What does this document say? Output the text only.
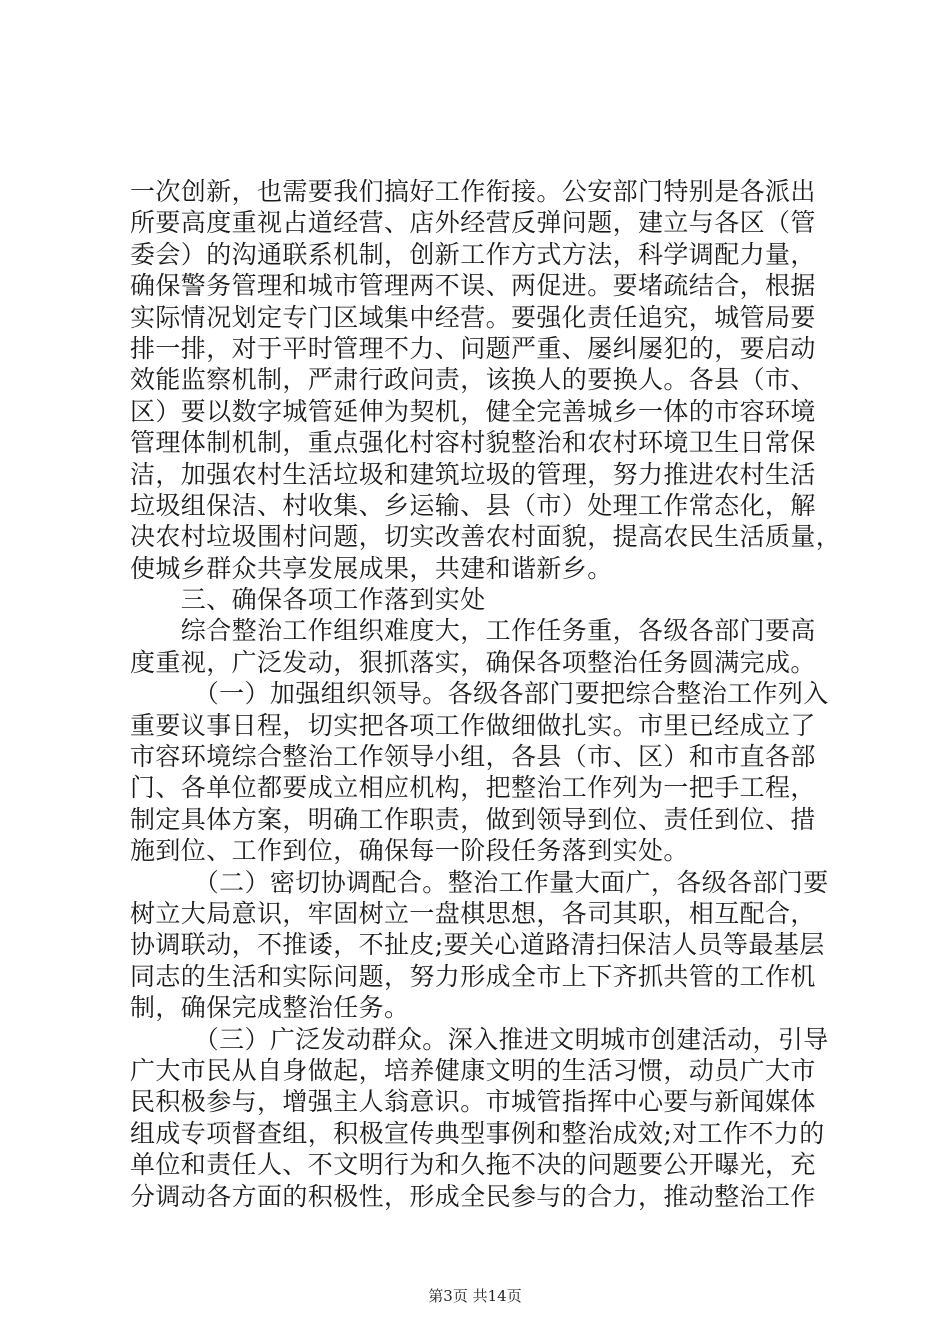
一次创新，也需要我们搞好工作衔接。公安部门特别是各派出
所要高度重视占道经营、店外经营反弹问题，建立与各区（管
委会）的沟通联系机制，创新工作方式方法，科学调配力量，
确保警务管理和城市管理两不误、两促进。要堵疏结合，根据
实际情况划定专门区域集中经营。要强化责任追究，城管局要
排一排，对于平时管理不力、问题严重、屡纠屡犯的，要启动
效能监察机制，严肃行政问责，该换人的要换人。各县（市、
区）要以数字城管延伸为契机，健全完善城乡一体的市容环境
管理体制机制，重点强化村容村貌整治和农村环境卫生日常保
洁，加强农村生活垃圾和建筑垃圾的管理，努力推进农村生活
垃圾组保洁、村收集、乡运输、县（市）处理工作常态化，解
决农村垃圾围村问题，切实改善农村面貌，提高农民生活质量，
使城乡群众共享发展成果，共建和谐新乡。
　　三、确保各项工作落到实处
　　综合整治工作组织难度大，工作任务重，各级各部门要高
度重视，广泛发动，狠抓落实，确保各项整治任务圆满完成。
　　　（一）加强组织领导。各级各部门要把综合整治工作列入
重要议事日程，切实把各项工作做细做扎实。市里已经成立了
市容环境综合整治工作领导小组，各县（市、区）和市直各部
门、各单位都要成立相应机构，把整治工作列为一把手工程，
制定具体方案，明确工作职责，做到领导到位、责任到位、措
施到位、工作到位，确保每一阶段任务落到实处。
　　　（二）密切协调配合。整治工作量大面广，各级各部门要
树立大局意识，牢固树立一盘棋思想，各司其职，相互配合，
协调联动，不推诿，不扯皮;要关心道路清扫保洁人员等最基层
同志的生活和实际问题，努力形成全市上下齐抓共管的工作机
制，确保完成整治任务。
　　　（三）广泛发动群众。深入推进文明城市创建活动，引导
广大市民从自身做起，培养健康文明的生活习惯，动员广大市
民积极参与，增强主人翁意识。市城管指挥中心要与新闻媒体
组成专项督查组，积极宣传典型事例和整治成效;对工作不力的
单位和责任人、不文明行为和久拖不决的问题要公开曝光，充
分调动各方面的积极性，形成全民参与的合力，推动整治工作
第3页 共14页
